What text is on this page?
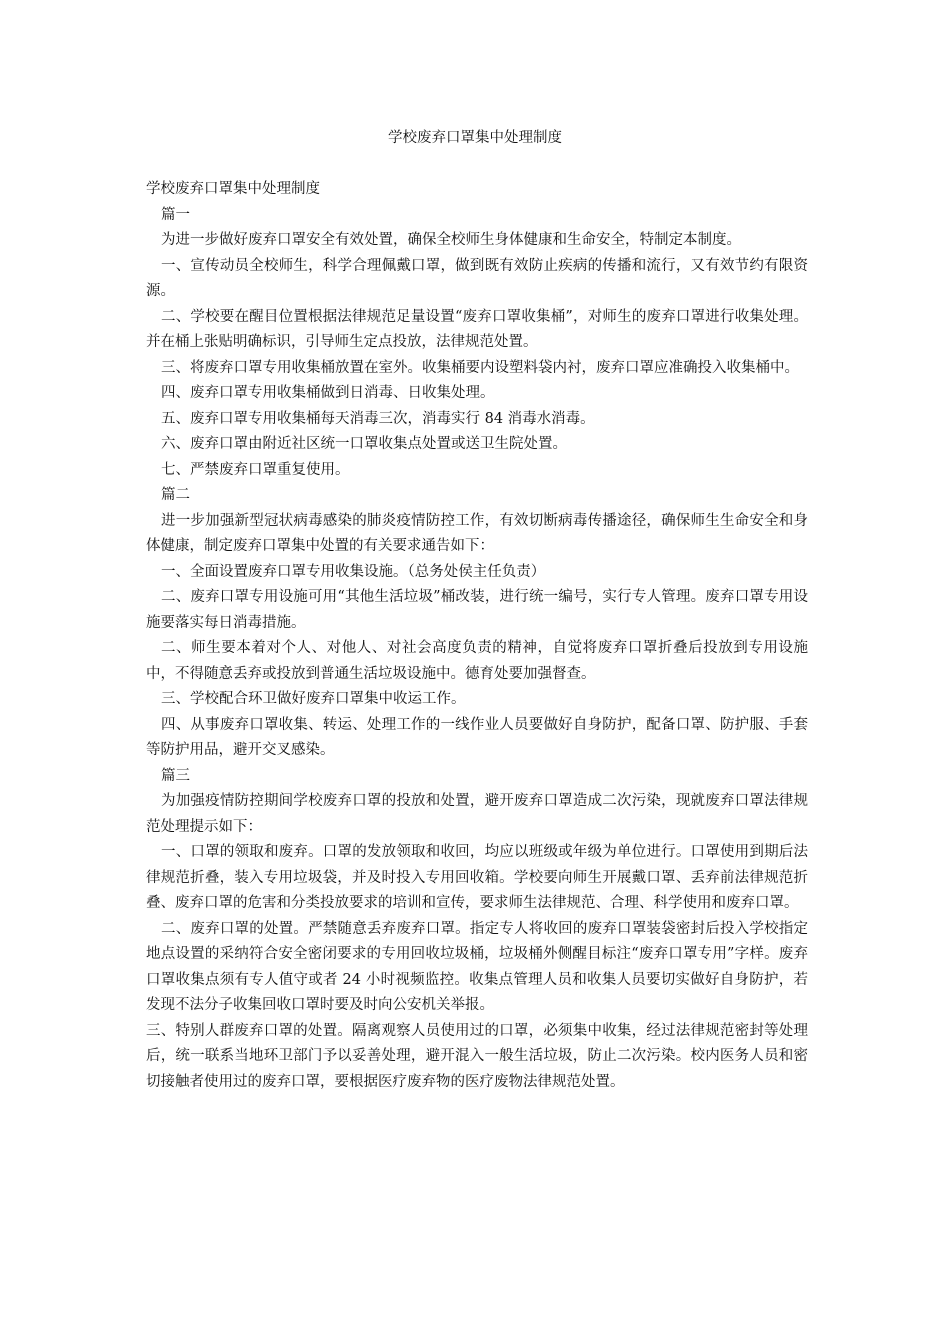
学校废弃口罩集中处理制度

学校废弃口罩集中处理制度

篇一

为进一步做好废弃口罩安全有效处置，确保全校师生身体健康和生命安全，特制定本制度。

一、宣传动员全校师生，科学合理佩戴口罩，做到既有效防止疾病的传播和流行，又有效节约有限资源。

二、学校要在醒目位置根据法律规范足量设置“废弃口罩收集桶”，对师生的废弃口罩进行收集处理。并在桶上张贴明确标识，引导师生定点投放，法律规范处置。

三、将废弃口罩专用收集桶放置在室外。收集桶要内设塑料袋内衬，废弃口罩应准确投入收集桶中。

四、废弃口罩专用收集桶做到日消毒、日收集处理。

五、废弃口罩专用收集桶每天消毒三次，消毒实行 84 消毒水消毒。

六、废弃口罩由附近社区统一口罩收集点处置或送卫生院处置。

七、严禁废弃口罩重复使用。

篇二

进一步加强新型冠状病毒感染的肺炎疫情防控工作，有效切断病毒传播途径，确保师生生命安全和身体健康，制定废弃口罩集中处置的有关要求通告如下：

一、全面设置废弃口罩专用收集设施。（总务处侯主任负责）

二、废弃口罩专用设施可用“其他生活垃圾”桶改装，进行统一编号，实行专人管理。废弃口罩专用设施要落实每日消毒措施。

二、师生要本着对个人、对他人、对社会高度负责的精神，自觉将废弃口罩折叠后投放到专用设施中，不得随意丢弃或投放到普通生活垃圾设施中。德育处要加强督查。

三、学校配合环卫做好废弃口罩集中收运工作。

四、从事废弃口罩收集、转运、处理工作的一线作业人员要做好自身防护，配备口罩、防护服、手套等防护用品，避开交叉感染。

篇三

为加强疫情防控期间学校废弃口罩的投放和处置，避开废弃口罩造成二次污染，现就废弃口罩法律规范处理提示如下：

一、口罩的领取和废弃。口罩的发放领取和收回，均应以班级或年级为单位进行。口罩使用到期后法律规范折叠，装入专用垃圾袋，并及时投入专用回收箱。学校要向师生开展戴口罩、丢弃前法律规范折叠、废弃口罩的危害和分类投放要求的培训和宣传，要求师生法律规范、合理、科学使用和废弃口罩。

二、废弃口罩的处置。严禁随意丢弃废弃口罩。指定专人将收回的废弃口罩装袋密封后投入学校指定地点设置的采纳符合安全密闭要求的专用回收垃圾桶，垃圾桶外侧醒目标注“废弃口罩专用”字样。废弃口罩收集点须有专人值守或者 24 小时视频监控。收集点管理人员和收集人员要切实做好自身防护，若发现不法分子收集回收口罩时要及时向公安机关举报。

三、特别人群废弃口罩的处置。隔离观察人员使用过的口罩，必须集中收集，经过法律规范密封等处理后，统一联系当地环卫部门予以妥善处理，避开混入一般生活垃圾，防止二次污染。校内医务人员和密切接触者使用过的废弃口罩，要根据医疗废弃物的医疗废物法律规范处置。
